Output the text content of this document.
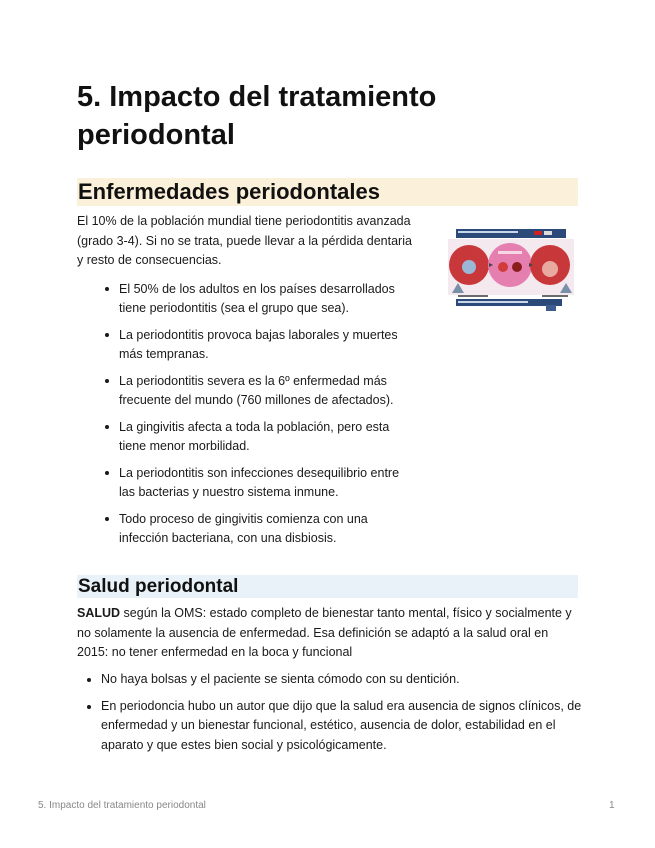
5. Impacto del tratamiento periodontal
Enfermedades periodontales

El 10% de la población mundial tiene periodontitis avanzada (grado 3-4). Si no se trata, puede llevar a la pérdida dentaria y resto de consecuencias.

El 50% de los adultos en los países desarrollados tiene periodontitis (sea el grupo que sea).
La periodontitis provoca bajas laborales y muertes más tempranas.
La periodontitis severa es la 6º enfermedad más frecuente del mundo (760 millones de afectados).
La gingivitis afecta a toda la población, pero esta tiene menor morbilidad.
La periodontitis son infecciones desequilibrio entre las bacterias y nuestro sistema inmune.
Todo proceso de gingivitis comienza con una infección bacteriana, con una disbiosis.
Salud periodontal

SALUD según la OMS: estado completo de bienestar tanto mental, físico y socialmente y no solamente la ausencia de enfermedad. Esa definición se adaptó a la salud oral en 2015: no tener enfermedad en la boca y funcional

No haya bolsas y el paciente se sienta cómodo con su dentición.
En periodoncia hubo un autor que dijo que la salud era ausencia de signos clínicos, de enfermedad y un bienestar funcional, estético, ausencia de dolor, estabilidad en el aparato y que estes bien social y psicológicamente.
5. Impacto del tratamiento periodontal	1
